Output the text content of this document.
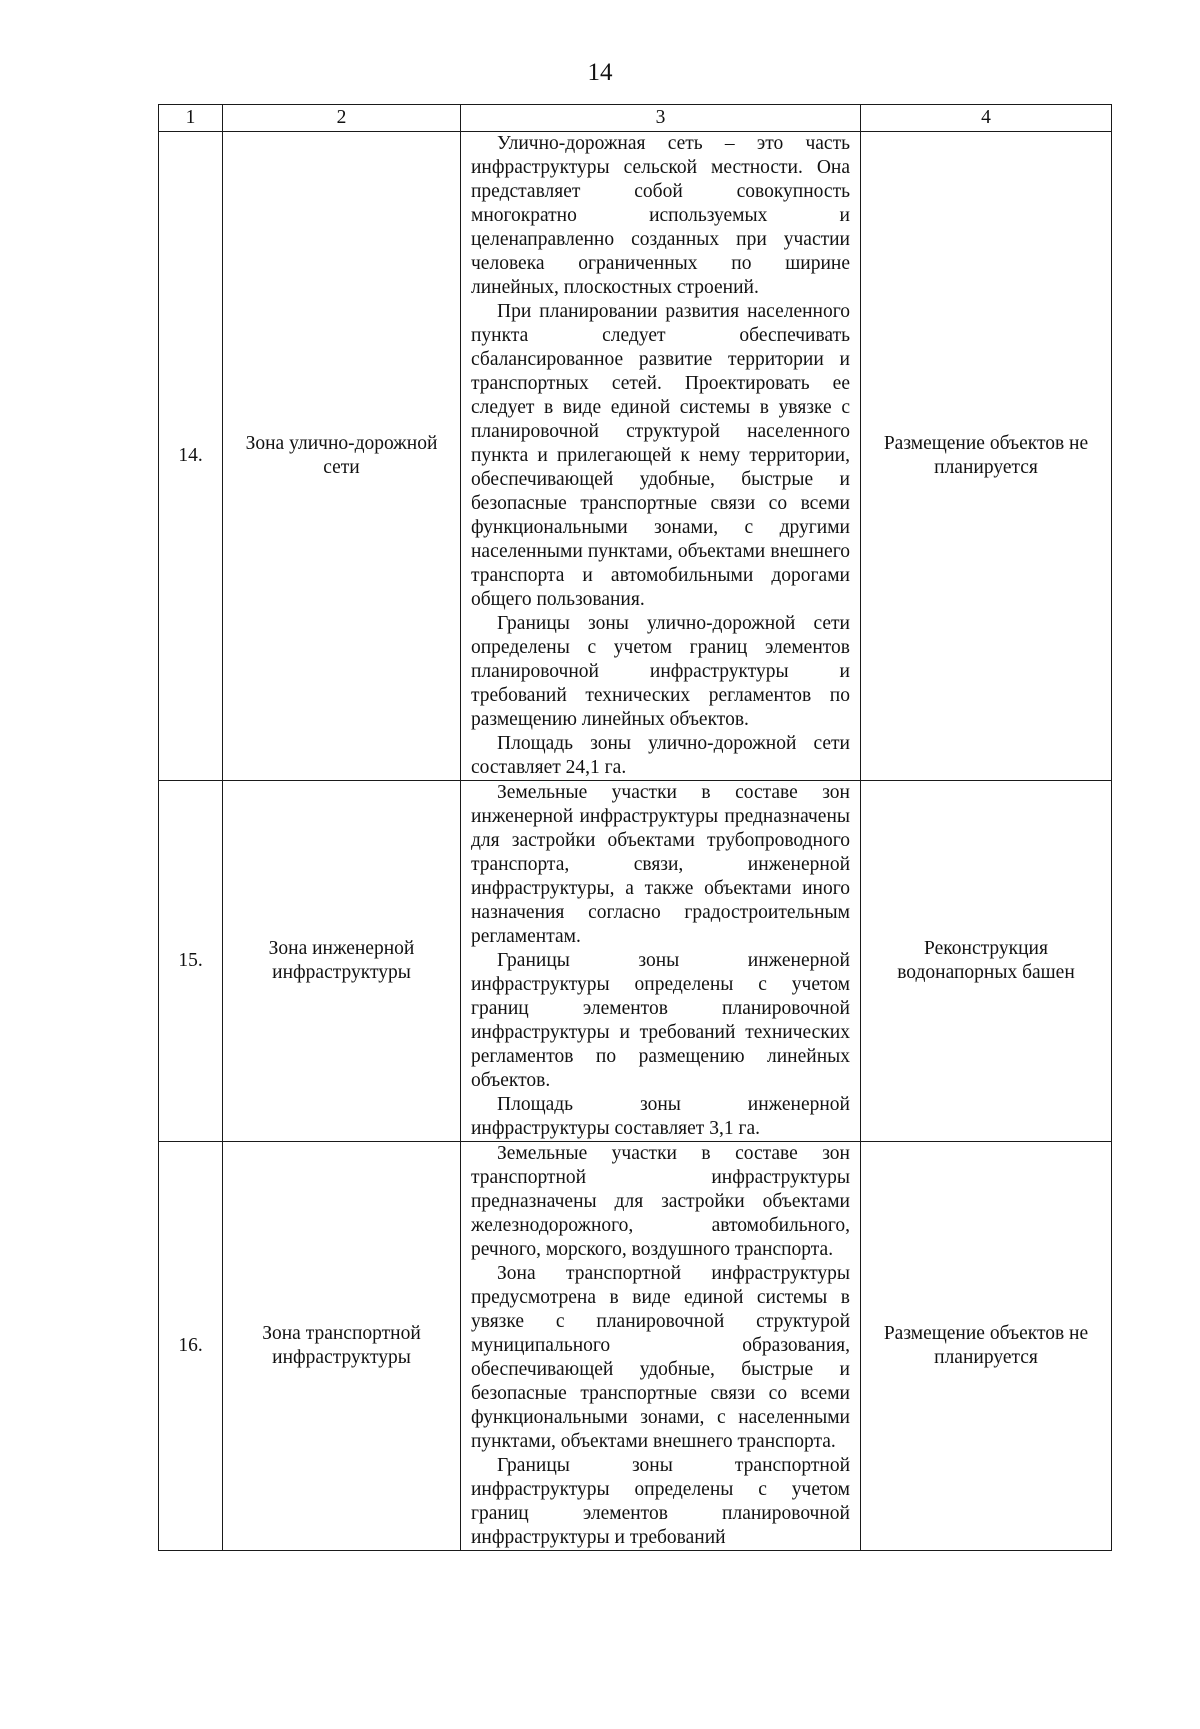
14
1	2	3	4
14.	Зона улично-дорожной сети	Улично-дорожная сеть – это часть инфраструктуры сельской местности. Она представляет собой совокупность многократно используемых и целенаправленно созданных при участии человека ограниченных по ширине линейных, плоскостных строений.

При планировании развития населенного пункта следует обеспечивать сбалансированное развитие территории и транспортных сетей. Проектировать ее следует в виде единой системы в увязке с планировочной структурой населенного пункта и прилегающей к нему территории, обеспечивающей удобные, быстрые и безопасные транспортные связи со всеми функциональными зонами, с другими населенными пунктами, объектами внешнего транспорта и автомобильными дорогами общего пользования.

Границы зоны улично-дорожной сети определены с учетом границ элементов планировочной инфраструктуры и требований технических регламентов по размещению линейных объектов.

Площадь зоны улично-дорожной сети составляет 24,1 га.	Размещение объектов не планируется
15.	Зона инженерной инфраструктуры	Земельные участки в составе зон инженерной инфраструктуры предназначены для застройки объектами трубопроводного транспорта, связи, инженерной инфраструктуры, а также объектами иного назначения согласно градостроительным регламентам.

Границы зоны инженерной инфраструктуры определены с учетом границ элементов планировочной инфраструктуры и требований технических регламентов по размещению линейных объектов.

Площадь зоны инженерной инфраструктуры составляет 3,1 га.	Реконструкция водонапорных башен
16.	Зона транспортной инфраструктуры	Земельные участки в составе зон транспортной инфраструктуры предназначены для застройки объектами железнодорожного, автомобильного, речного, морского, воздушного транспорта.

Зона транспортной инфраструктуры предусмотрена в виде единой системы в увязке с планировочной структурой муниципального образования, обеспечивающей удобные, быстрые и безопасные транспортные связи со всеми функциональными зонами, с населенными пунктами, объектами внешнего транспорта.

Границы зоны транспортной инфраструктуры определены с учетом границ элементов планировочной инфраструктуры и требований	Размещение объектов не планируется
